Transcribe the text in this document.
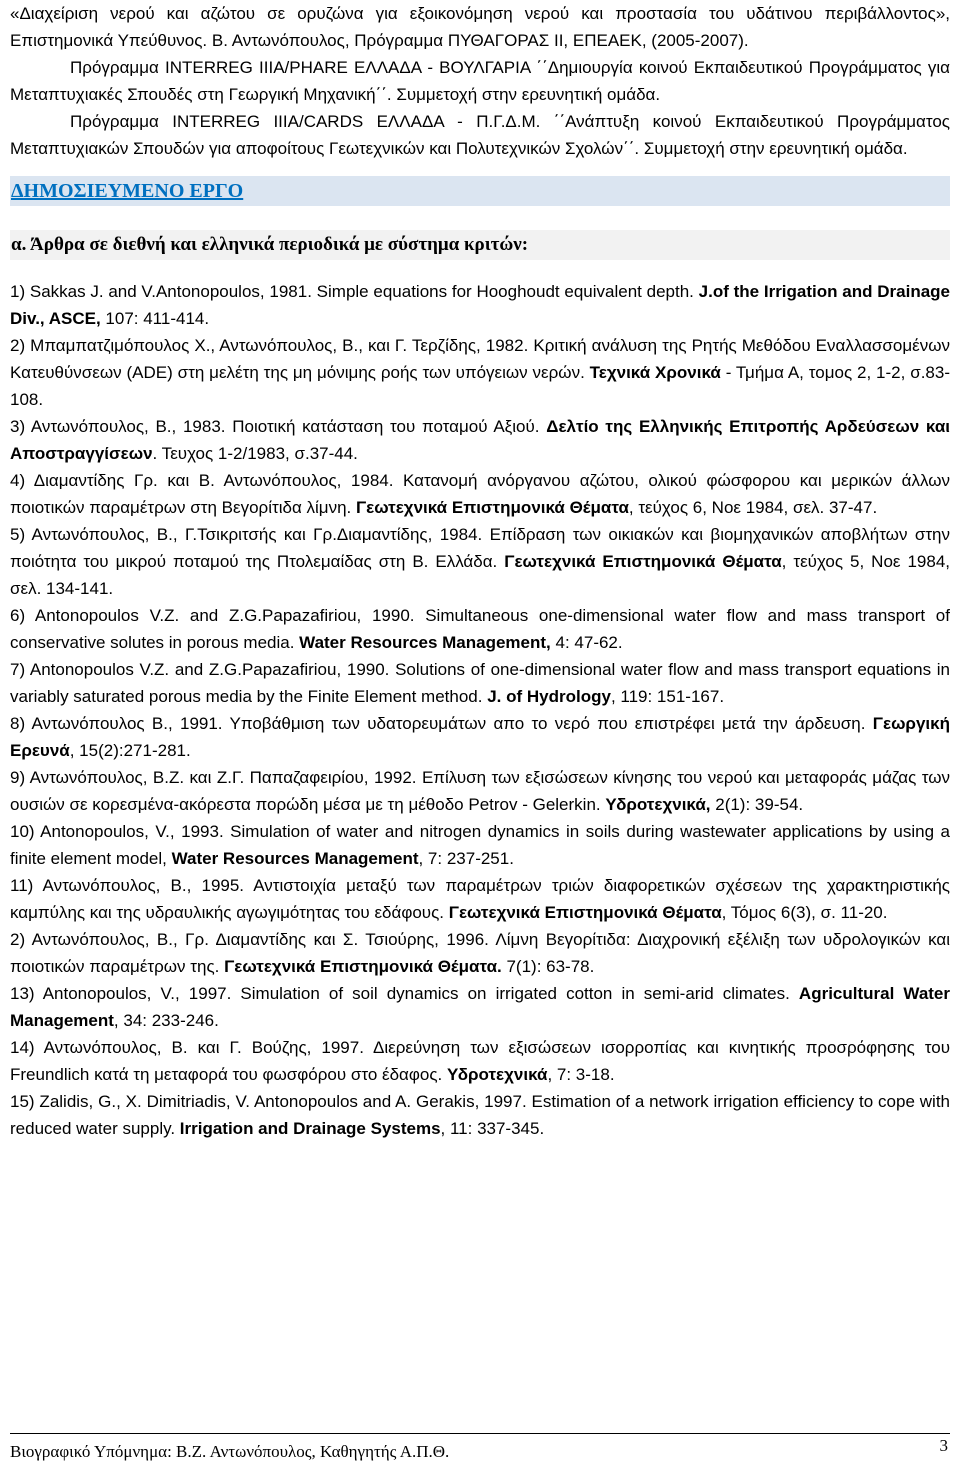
«Διαχείριση νερού και αζώτου σε ορυζώνα για εξοικονόμηση νερού και προστασία του υδάτινου περιβάλλοντος», Επιστημονικά Υπεύθυνος. Β. Αντωνόπουλος, Πρόγραμμα ΠΥΘΑΓΟΡΑΣ ΙΙ, ΕΠΕΑΕΚ, (2005-2007).

Πρόγραμμα INTERREG IIIA/PHARE ΕΛΛΑΔΑ - ΒΟΥΛΓΑΡΙΑ ΄΄Δημιουργία κοινού Εκπαιδευτικού Προγράμματος για Μεταπτυχιακές Σπουδές στη Γεωργική Μηχανική΄΄. Συμμετοχή στην ερευνητική ομάδα.

Πρόγραμμα INTERREG IIIA/CARDS ΕΛΛΑΔΑ - Π.Γ.Δ.Μ. ΄΄Ανάπτυξη κοινού Εκπαιδευτικού Προγράμματος Μεταπτυχιακών Σπουδών για αποφοίτους Γεωτεχνικών και Πολυτεχνικών Σχολών΄΄. Συμμετοχή στην ερευνητική ομάδα.

ΔΗΜΟΣΙΕΥΜΕΝΟ ΕΡΓΟ
α. Άρθρα σε διεθνή και ελληνικά περιοδικά με σύστημα κριτών:

1) Sakkas J. and V.Antonopoulos, 1981. Simple equations for Hooghoudt equivalent depth. J.of the Irrigation and Drainage Div., ASCE, 107: 411-414.

2) Μπαμπατζιμόπουλος Χ., Αντωνόπουλος, Β., και Γ. Τερζίδης, 1982. Κριτική ανάλυση της Ρητής Μεθόδου Εναλλασσομένων Κατευθύνσεων (ADE) στη μελέτη της μη μόνιμης ροής των υπόγειων νερών. Τεχνικά Χρονικά - Τμήμα Α, τομος 2, 1-2, σ.83-108.

3) Αντωνόπουλος, Β., 1983. Ποιοτική κατάσταση του ποταμού Αξιού. Δελτίο της Ελληνικής Επιτροπής Αρδεύσεων και Αποστραγγίσεων. Τευχος 1-2/1983, σ.37-44.

4) Διαμαντίδης Γρ. και Β. Αντωνόπουλος, 1984. Κατανομή ανόργανου αζώτου, ολικού φώσφορου και μερικών άλλων ποιοτικών παραμέτρων στη Βεγορίτιδα λίμνη. Γεωτεχνικά Επιστημονικά Θέματα, τεύχος 6, Νοε 1984, σελ. 37-47.

5) Αντωνόπουλος, Β., Γ.Τσικριτσής και Γρ.Διαμαντίδης, 1984. Επίδραση των οικιακών και βιομηχανικών αποβλήτων στην ποιότητα του μικρού ποταμού της Πτολεμαίδας στη Β. Ελλάδα. Γεωτεχνικά Επιστημονικά Θέματα, τεύχος 5, Νοε 1984, σελ. 134-141.

6) Antonopoulos V.Z. and Z.G.Papazafiriou, 1990. Simultaneous one-dimensional water flow and mass transport of conservative solutes in porous media. Water Resources Management, 4: 47-62.

7) Antonopoulos V.Z. and Z.G.Papazafiriou, 1990. Solutions of one-dimensional water flow and mass transport equations in variably saturated porous media by the Finite Element method. J. of Hydrology, 119: 151-167.

8) Αντωνόπουλος Β., 1991. Υποβάθμιση των υδατορευμάτων απο το νερό που επιστρέφει μετά την άρδευση. Γεωργική Ερευνά, 15(2):271-281.

9) Αντωνόπουλος, Β.Ζ. και Ζ.Γ. Παπαζαφειρίου, 1992. Επίλυση των εξισώσεων κίνησης του νερού και μεταφοράς μάζας των ουσιών σε κορεσμένα-ακόρεστα πορώδη μέσα με τη μέθοδο Petrov - Gelerkin. Υδροτεχνικά, 2(1): 39-54.

10) Antonopoulos, V., 1993. Simulation of water and nitrogen dynamics in soils during wastewater applications by using a finite element model, Water Resources Management, 7: 237-251.

11) Αντωνόπουλος, Β., 1995. Αντιστοιχία μεταξύ των παραμέτρων τριών διαφορετικών σχέσεων της χαρακτηριστικής καμπύλης και της υδραυλικής αγωγιμότητας του εδάφους. Γεωτεχνικά Επιστημονικά Θέματα, Τόμος 6(3), σ. 11-20.

2) Αντωνόπουλος, Β., Γρ. Διαμαντίδης και Σ. Τσιούρης, 1996. Λίμνη Βεγορίτιδα: Διαχρονική εξέλιξη των υδρολογικών και ποιοτικών παραμέτρων της. Γεωτεχνικά Επιστημονικά Θέματα. 7(1): 63-78.

13) Antonopoulos, V., 1997. Simulation of soil dynamics on irrigated cotton in semi-arid climates. Agricultural Water Management, 34: 233-246.

14) Αντωνόπουλος, Β. και Γ. Βούζης, 1997. Διερεύνηση των εξισώσεων ισορροπίας και κινητικής προσρόφησης του Freundlich κατά τη μεταφορά του φωσφόρου στο έδαφος. Υδροτεχνικά, 7: 3-18.

15) Zalidis, G., X. Dimitriadis, V. Antonopoulos and A. Gerakis, 1997. Estimation of a network irrigation efficiency to cope with reduced water supply. Irrigation and Drainage Systems, 11: 337-345.

Βιογραφικό Υπόμνημα: Β.Ζ. Αντωνόπουλος, Καθηγητής Α.Π.Θ.	3
